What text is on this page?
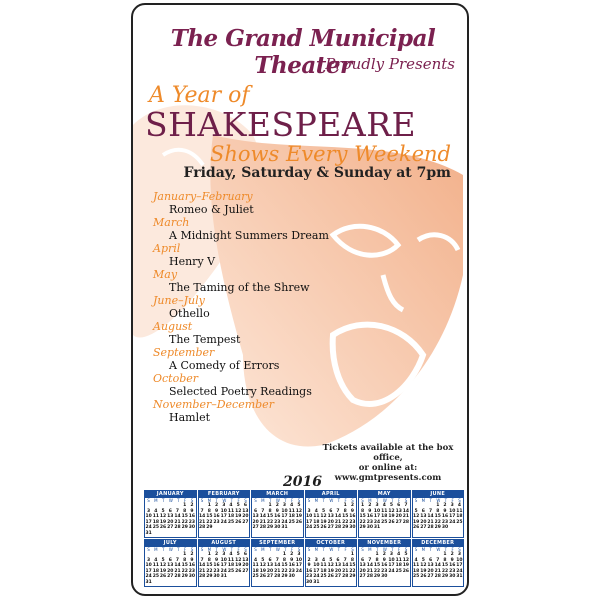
The Grand Municipal Theater
Proudly Presents
A Year of
SHAKESPEARE
Shows Every Weekend
Friday, Saturday & Sunday at 7pm
January–February
Romeo & Juliet
March
A Midnight Summers Dream
April
Henry V
May
The Taming of the Shrew
June–July
Othello
August
The Tempest
September
A Comedy of Errors
October
Selected Poetry Readings
November–December
Hamlet
Tickets available at the box office,
or online at:
www.gmtpresents.com
2016
JANUARY
S M T W T F S
1 2
3 4 5 6 7 8 9
10 11 12 13 14 15 16
17 18 19 20 21 22 23
24 25 26 27 28 29 30
31
FEBRUARY
S M T W T F S
1 2 3 4 5 6
7 8 9 10 11 12 13
14 15 16 17 18 19 20
21 22 23 24 25 26 27
28 29
MARCH
S M T W T F S
1 2 3 4 5
6 7 8 9 10 11 12
13 14 15 16 17 18 19
20 21 22 23 24 25 26
27 28 29 30 31
APRIL
S M T W T F S
1 2
3 4 5 6 7 8 9
10 11 12 13 14 15 16
17 18 19 20 21 22 23
24 25 26 27 28 29 30
MAY
S M T W T F S
1 2 3 4 5 6 7
8 9 10 11 12 13 14
15 16 17 18 19 20 21
22 23 24 25 26 27 28
29 30 31
JUNE
S M T W T F S
1 2 3 4
5 6 7 8 9 10 11
12 13 14 15 16 17 18
19 20 21 22 23 24 25
26 27 28 29 30
JULY
S M T W T F S
1 2
3 4 5 6 7 8 9
10 11 12 13 14 15 16
17 18 19 20 21 22 23
24 25 26 27 28 29 30
31
AUGUST
S M T W T F S
1 2 3 4 5 6
7 8 9 10 11 12 13
14 15 16 17 18 19 20
21 22 23 24 25 26 27
28 29 30 31
SEPTEMBER
S M T W T F S
1 2 3
4 5 6 7 8 9 10
11 12 13 14 15 16 17
18 19 20 21 22 23 24
25 26 27 28 29 30
OCTOBER
S M T W T F S
1
2 3 4 5 6 7 8
9 10 11 12 13 14 15
16 17 18 19 20 21 22
23 24 25 26 27 28 29
30 31
NOVEMBER
S M T W T F S
1 2 3 4 5
6 7 8 9 10 11 12
13 14 15 16 17 18 19
20 21 22 23 24 25 26
27 28 29 30
DECEMBER
S M T W T F S
1 2 3
4 5 6 7 8 9 10
11 12 13 14 15 16 17
18 19 20 21 22 23 24
25 26 27 28 29 30 31
